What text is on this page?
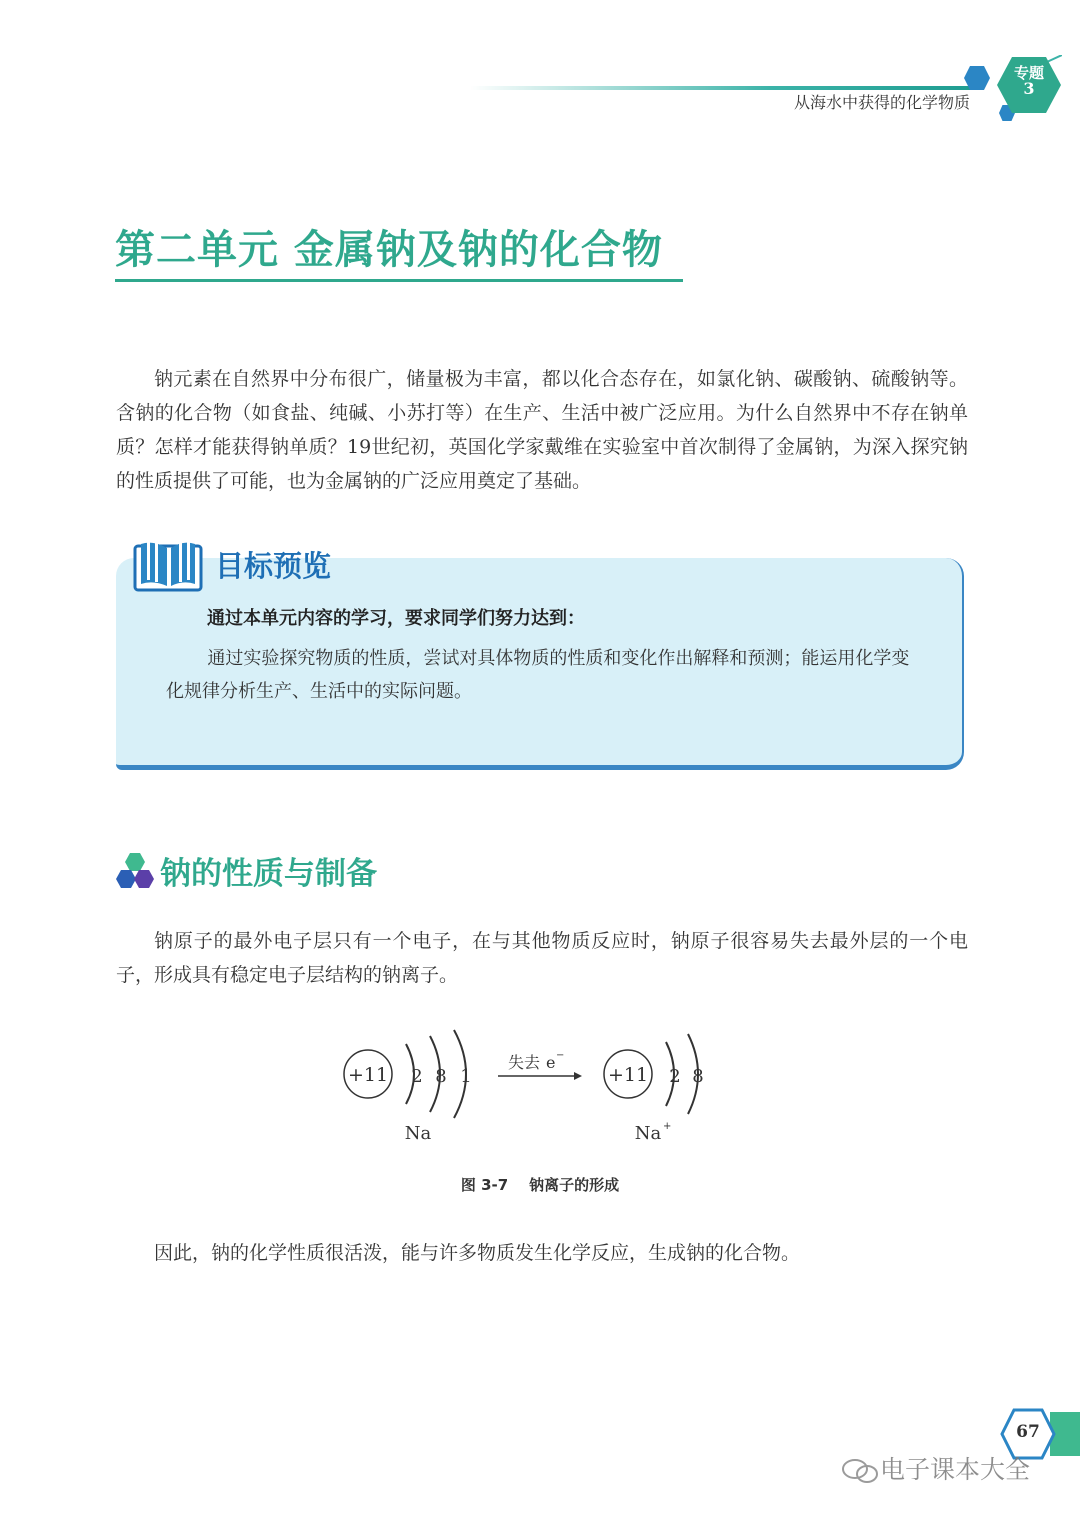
从海水中获得的化学物质
专题
3
第二单元 金属钠及钠的化合物
钠元素在自然界中分布很广，储量极为丰富，都以化合态存在，如氯化钠、碳酸钠、硫酸钠等。含钠的化合物（如食盐、纯碱、小苏打等）在生产、生活中被广泛应用。为什么自然界中不存在钠单质？怎样才能获得钠单质？19世纪初，英国化学家戴维在实验室中首次制得了金属钠，为深入探究钠的性质提供了可能，也为金属钠的广泛应用奠定了基础。
目标预览
通过本单元内容的学习，要求同学们努力达到：
通过实验探究物质的性质，尝试对具体物质的性质和变化作出解释和预测；能运用化学变化规律分析生产、生活中的实际问题。
钠的性质与制备
钠原子的最外电子层只有一个电子，在与其他物质反应时，钠原子很容易失去最外层的一个电子，形成具有稳定电子层结构的钠离子。
+11 2 8 1
Na
失去 e −
+11 2 8
Na +
图 3-7    钠离子的形成
因此，钠的化学性质很活泼，能与许多物质发生化学反应，生成钠的化合物。
67
电子课本大全
